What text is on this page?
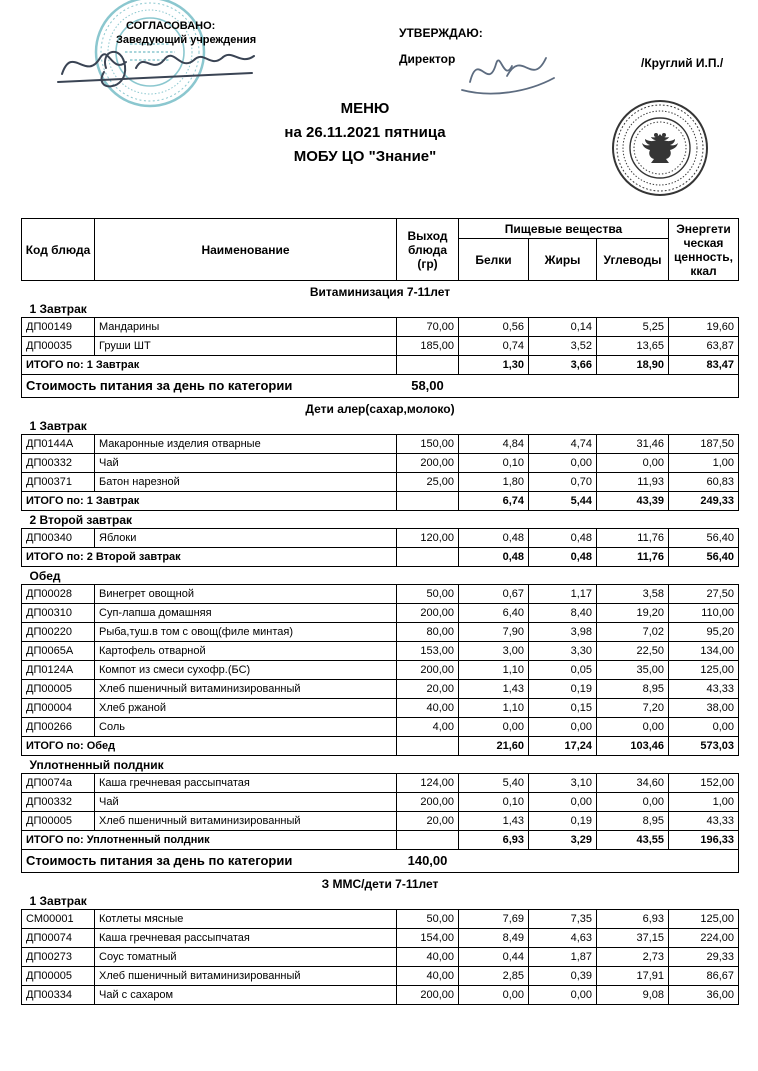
СОГЛАСОВАНО:
Заведующий учреждения	УТВЕРЖДАЮ:
Директор	/Круглий И.П./
МЕНЮ
на 26.11.2021 пятница
МОБУ ЦО "Знание"
Код блюда	Наименование	Выход блюда (гр)	Пищевые вещества			Энергети ческая ценность, ккал
			Белки	Жиры	Углеводы	
Витаминизация 7-11лет						
1 Завтрак						
ДП00149	Мандарины	70,00	0,56	0,14	5,25	19,60
ДП00035	Груши ШТ	185,00	0,74	3,52	13,65	63,87
ИТОГО по: 1 Завтрак			1,30	3,66	18,90	83,47
Стоимость питания за день по категории		58,00				
Дети алер(сахар,молоко)						
1 Завтрак						
ДП0144А	Макаронные изделия отварные	150,00	4,84	4,74	31,46	187,50
ДП00332	Чай	200,00	0,10	0,00	0,00	1,00
ДП00371	Батон нарезной	25,00	1,80	0,70	11,93	60,83
ИТОГО по: 1 Завтрак			6,74	5,44	43,39	249,33
2 Второй завтрак						
ДП00340	Яблоки	120,00	0,48	0,48	11,76	56,40
ИТОГО по: 2 Второй завтрак			0,48	0,48	11,76	56,40
Обед						
ДП00028	Винегрет овощной	50,00	0,67	1,17	3,58	27,50
ДП00310	Суп-лапша домашняя	200,00	6,40	8,40	19,20	110,00
ДП00220	Рыба,туш.в том с овощ(филе минтая)	80,00	7,90	3,98	7,02	95,20
ДП0065А	Картофель отварной	153,00	3,00	3,30	22,50	134,00
ДП0124А	Компот из смеси сухофр.(БС)	200,00	1,10	0,05	35,00	125,00
ДП00005	Хлеб пшеничный витаминизированный	20,00	1,43	0,19	8,95	43,33
ДП00004	Хлеб ржаной	40,00	1,10	0,15	7,20	38,00
ДП00266	Соль	4,00	0,00	0,00	0,00	0,00
ИТОГО по: Обед			21,60	17,24	103,46	573,03
Уплотненный полдник						
ДП0074а	Каша гречневая рассыпчатая	124,00	5,40	3,10	34,60	152,00
ДП00332	Чай	200,00	0,10	0,00	0,00	1,00
ДП00005	Хлеб пшеничный витаминизированный	20,00	1,43	0,19	8,95	43,33
ИТОГО по: Уплотненный полдник			6,93	3,29	43,55	196,33
Стоимость питания за день по категории		140,00				
З ММС/дети 7-11лет						
1 Завтрак						
СМ00001	Котлеты мясные	50,00	7,69	7,35	6,93	125,00
ДП00074	Каша гречневая рассыпчатая	154,00	8,49	4,63	37,15	224,00
ДП00273	Соус томатный	40,00	0,44	1,87	2,73	29,33
ДП00005	Хлеб пшеничный витаминизированный	40,00	2,85	0,39	17,91	86,67
ДП00334	Чай с сахаром	200,00	0,00	0,00	9,08	36,00
